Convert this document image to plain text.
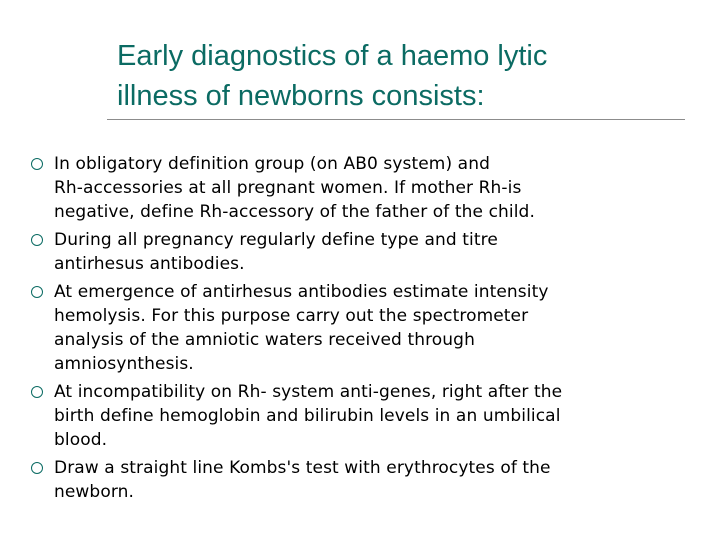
Early diagnostics of a haemo lytic
illness of newborns consists:
In obligatory definition group (on AB0 system) and
Rh-accessories at all pregnant women. If mother Rh-is
negative, define Rh-accessory of the father of the child.
During all pregnancy regularly define type and titre
antirhesus antibodies.
At emergence of antirhesus antibodies estimate intensity
hemolysis. For this purpose carry out the spectrometer
analysis of the amniotic waters received through
amniosynthesis.
At incompatibility on Rh- system anti-genes, right after the
birth define hemoglobin and bilirubin levels in an umbilical
blood.
Draw a straight line Kombs's test with erythrocytes of the
newborn.
